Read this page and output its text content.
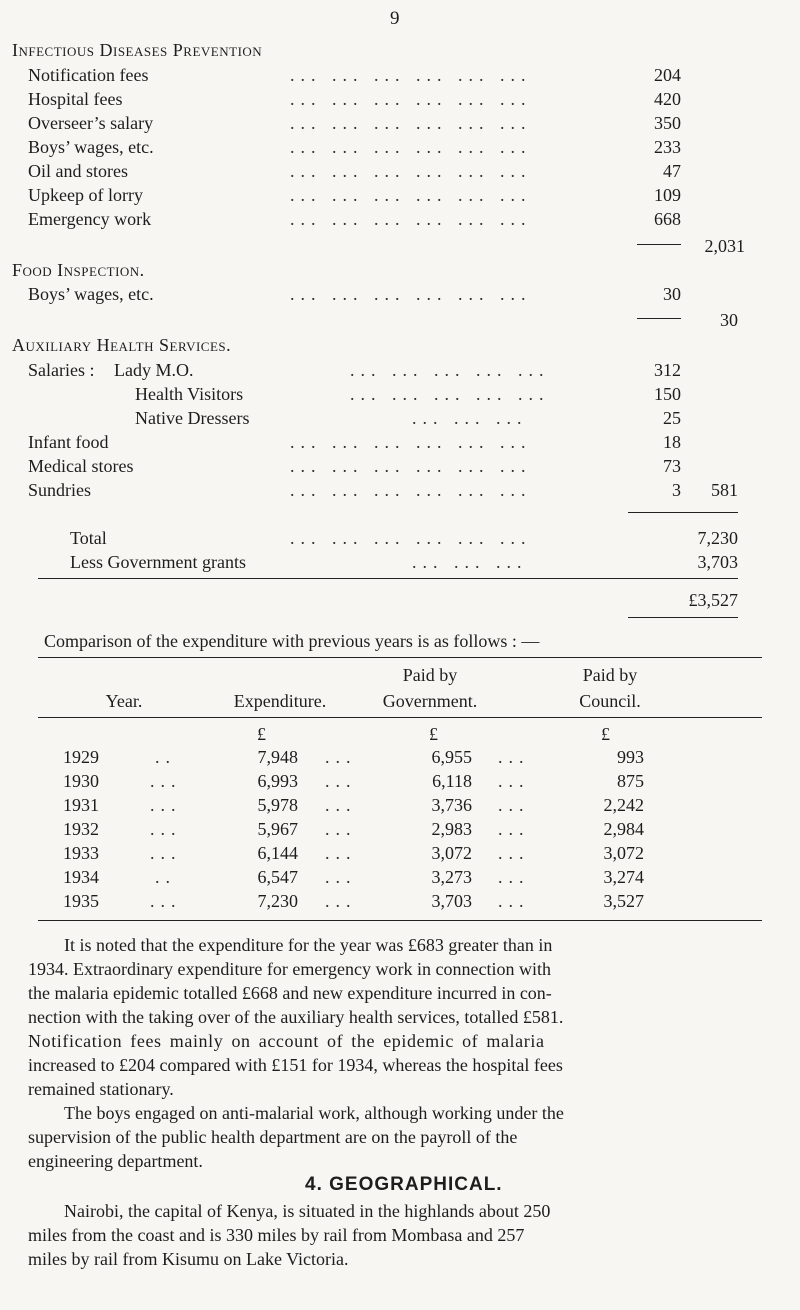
9
Infectious Diseases Prevention
Notification fees	... ... ... ... ... ...	204
Hospital fees	... ... ... ... ... ...	420
Overseer’s salary	... ... ... ... ... ...	350
Boys’ wages, etc.	... ... ... ... ... ...	233
Oil and stores	... ... ... ... ... ...	47
Upkeep of lorry	... ... ... ... ... ...	109
Emergency work	... ... ... ... ... ...	668
2,031
Food Inspection.
Boys’ wages, etc.	... ... ... ... ... ...	30
30
Auxiliary Health Services.
Salaries : Lady M.O.	... ... ... ... ...	312
Health Visitors	... ... ... ... ...	150
Native Dressers	... ... ...	25
Infant food	... ... ... ... ... ...	18
Medical stores	... ... ... ... ... ...	73
Sundries	... ... ... ... ... ...	3	581
Total	... ... ... ... ... ...	7,230
Less Government grants	... ... ...	3,703
£3,527
Comparison of the expenditure with previous years is as follows : —
Paid by	Paid by
Year.	Expenditure.	Government.	Council.
£	£	£
1929	..	7,948 ...	6,955 ...	993
1930	...	6,993 ...	6,118 ...	875
1931	...	5,978 ...	3,736 ...	2,242
1932	...	5,967 ...	2,983 ...	2,984
1933	...	6,144 ...	3,072 ...	3,072
1934	..	6,547 ...	3,273 ...	3,274
1935	...	7,230 ...	3,703 ...	3,527
It is noted that the expenditure for the year was £683 greater than in
1934. Extraordinary expenditure for emergency work in connection with
the malaria epidemic totalled £668 and new expenditure incurred in con-
nection with the taking over of the auxiliary health services, totalled £581.
Notification fees mainly on account of the epidemic of malaria
increased to £204 compared with £151 for 1934, whereas the hospital fees
remained stationary.
The boys engaged on anti-malarial work, although working under the
supervision of the public health department are on the payroll of the
engineering department.
4. GEOGRAPHICAL.
Nairobi, the capital of Kenya, is situated in the highlands about 250
miles from the coast and is 330 miles by rail from Mombasa and 257
miles by rail from Kisumu on Lake Victoria.
